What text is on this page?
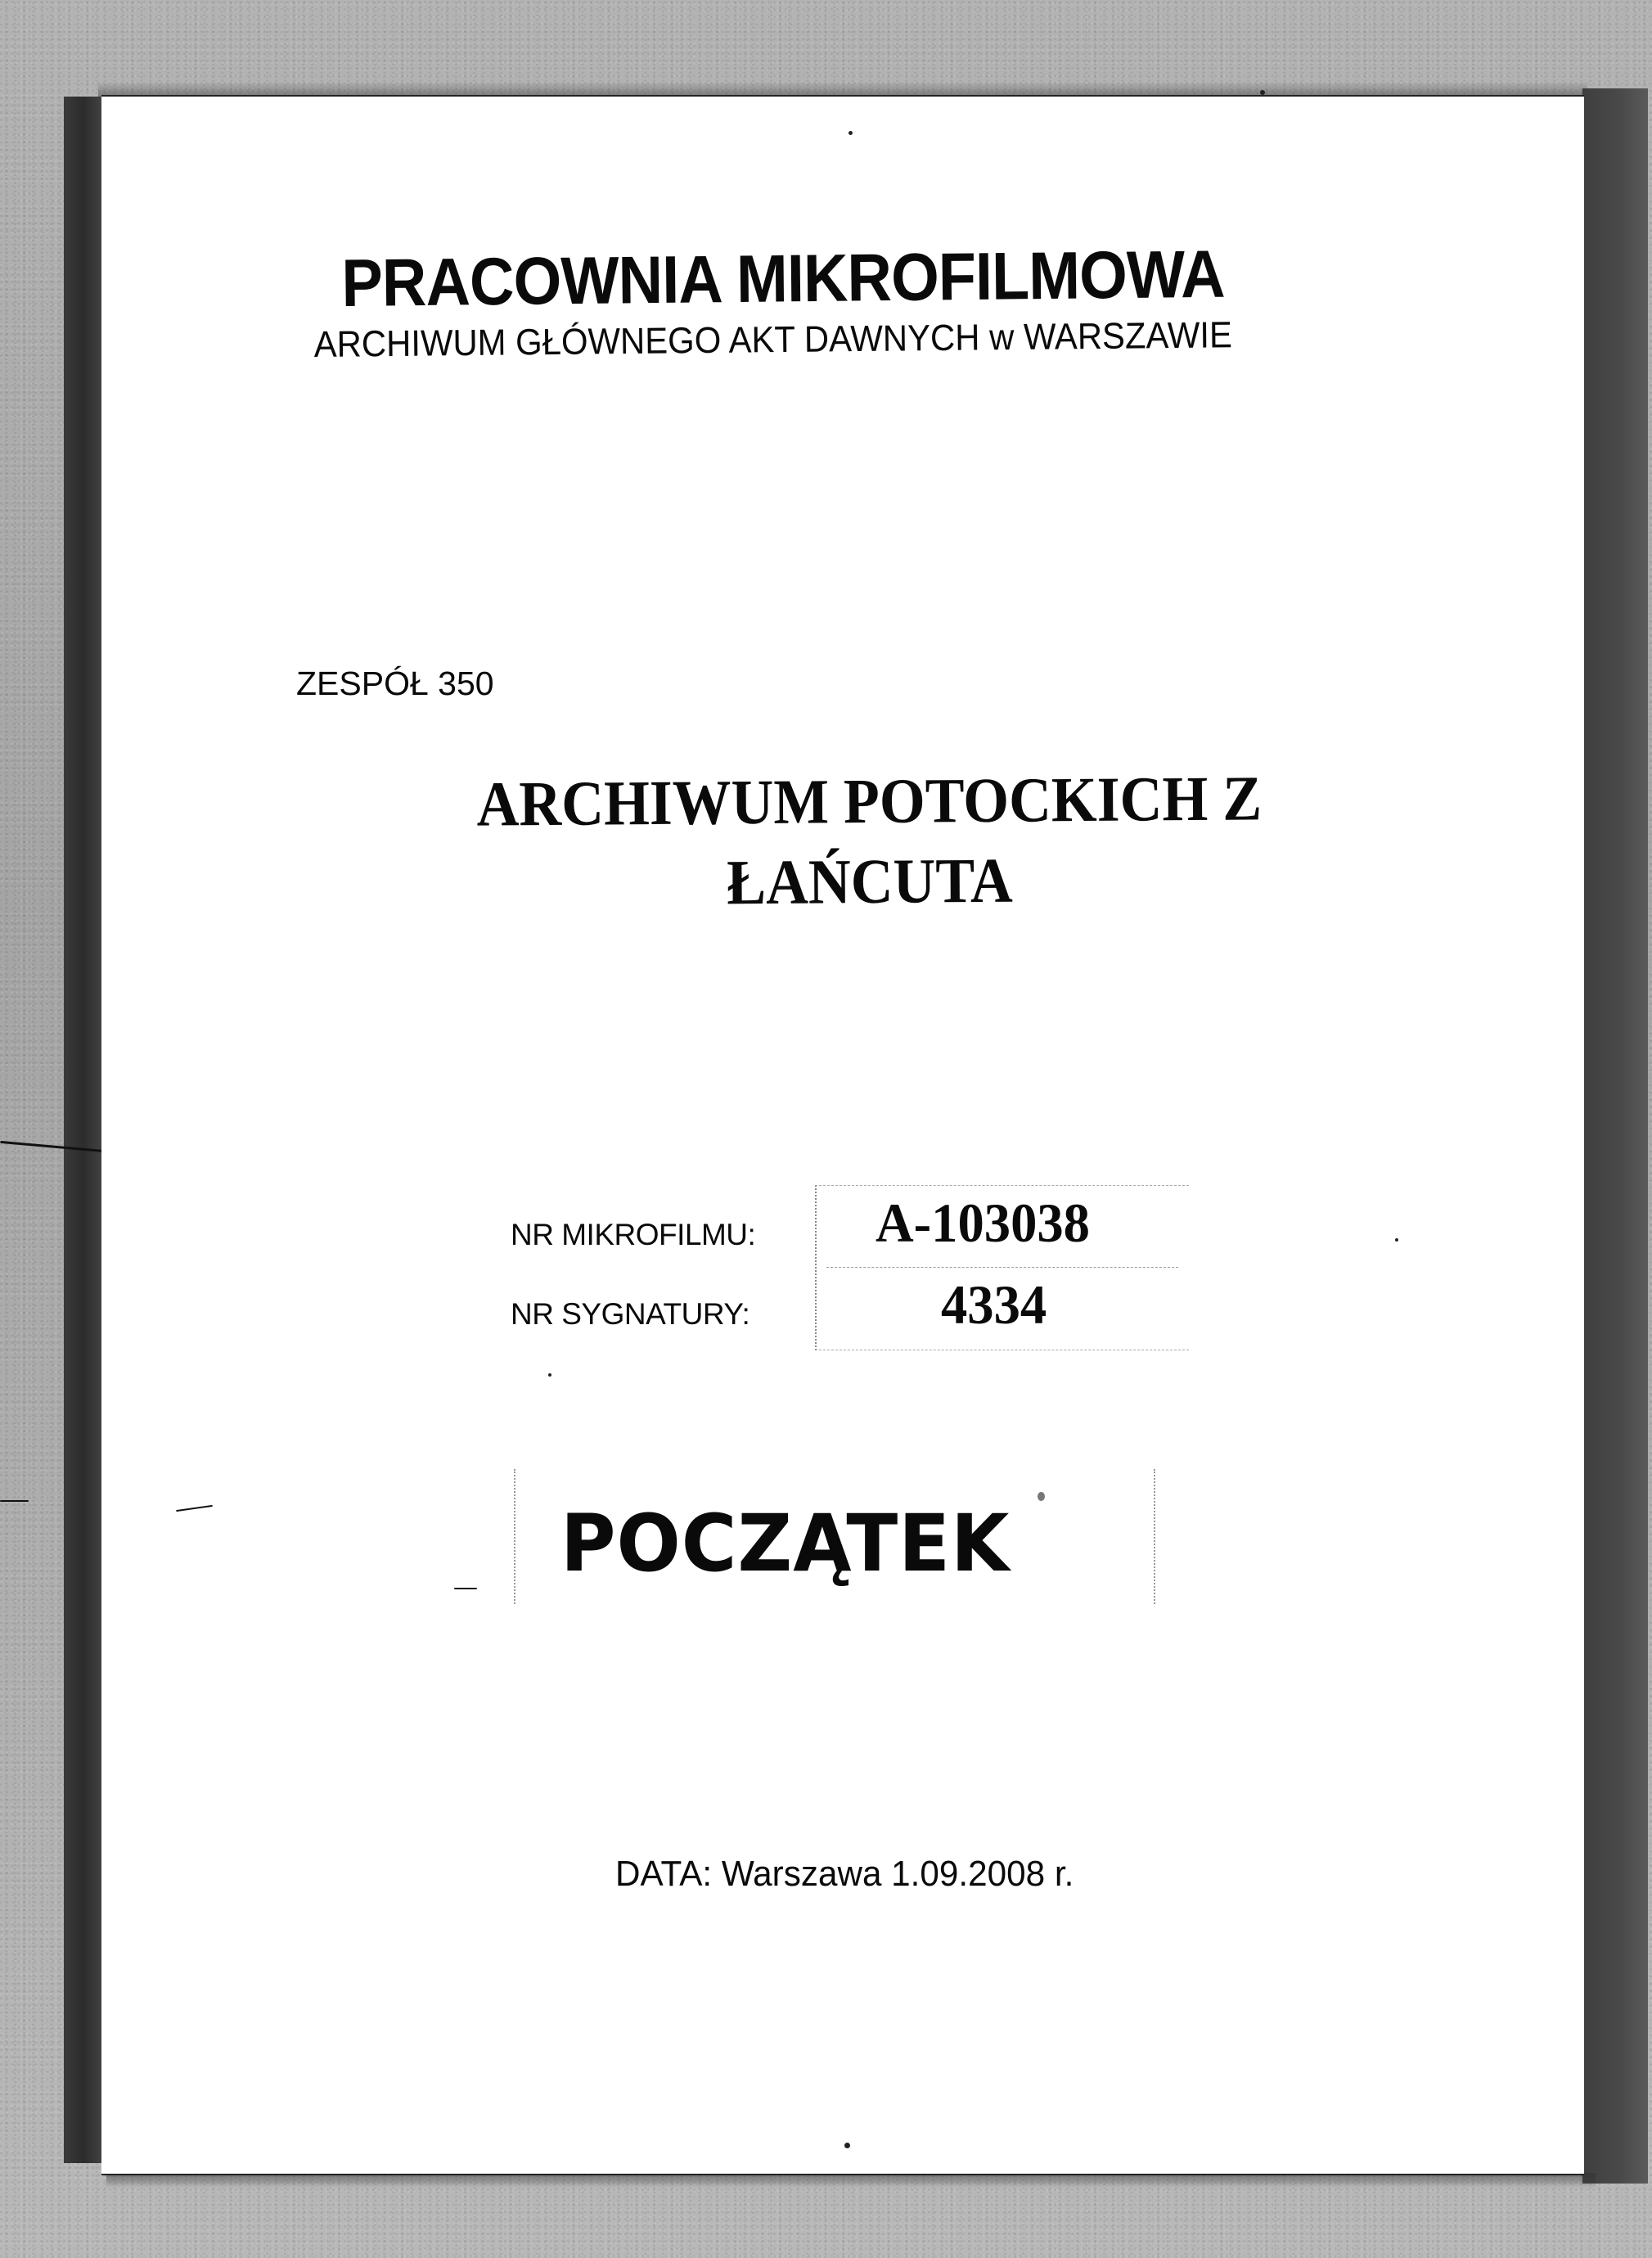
PRACOWNIA MIKROFILMOWA
ARCHIWUM GŁÓWNEGO AKT DAWNYCH w WARSZAWIE
ZESPÓŁ 350
ARCHIWUM POTOCKICH Z ŁAŃCUTA
NR MIKROFILMU: A-103038
NR SYGNATURY:	4334
POCZĄTEK
DATA: Warszawa 1.09.2008 r.
